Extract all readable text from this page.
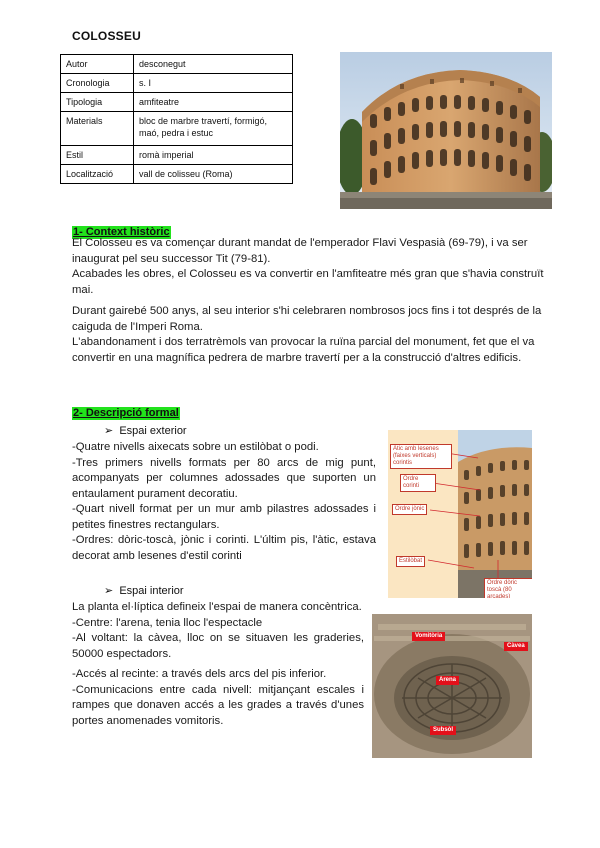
COLOSSEU
Autor	desconegut
Cronologia	s. I
Tipologia	amfiteatre
Materials	bloc de marbre travertí, formigó, maó, pedra i estuc
Estil	romà imperial
Localització	vall de colisseu (Roma)
1- Context històric
El Colosseu es va començar durant mandat de l'emperador Flavi Vespasià (69-79), i va ser inaugurat pel seu successor Tit (79-81).
Acabades les obres, el Colosseu es va convertir en l'amfiteatre més gran que s'havia construït mai.
Durant gairebé 500 anys, al seu interior s'hi celebraren nombrosos jocs fins i tot després de la caiguda de l'Imperi Roma.
L'abandonament i dos terratrèmols van provocar la ruïna parcial del monument, fet que el va convertir en una magnífica pedrera de marbre travertí per a la construcció d'altres edificis.
2- Descripció formal
➢ Espai exterior
-Quatre nivells aixecats sobre un estilòbat o podi.
-Tres primers nivells formats per 80 arcs de mig punt, acompanyats per columnes adossades que suporten un entaulament purament decoratiu.
-Quart nivell format per un mur amb pilastres adossades i petites finestres rectangulars.
-Ordres: dòric-toscà, jònic i corinti. L'últim pis, l'àtic, estava decorat amb lesenes d'estil corinti
Àtic amb lesenes (faixes verticals) corintis
Ordre corinti
Ordre jònic
Estilòbat
Ordre dòric toscà (80 arcades)
➢ Espai interior
La planta el·líptica defineix l'espai de manera concèntrica.
-Centre: l'arena, tenia lloc l'espectacle
-Al voltant: la càvea, lloc on se situaven les graderies, 50000 espectadors.
-Accés al recinte: a través dels arcs del pis inferior.
-Comunicacions entre cada nivell: mitjançant escales i rampes que donaven accés a les grades a través d'unes portes anomenades vomitoris.
Vomitòria
Càvea
Arena
Subsòl
